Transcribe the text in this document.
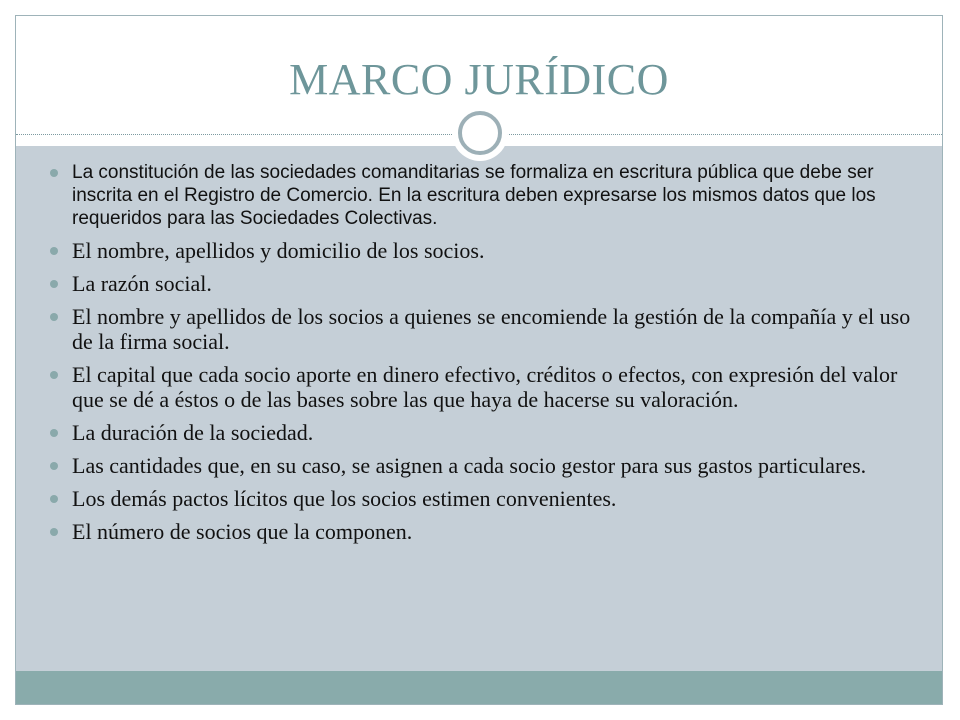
MARCO JURÍDICO
La constitución de las sociedades comanditarias se formaliza en escritura pública que debe ser inscrita en el Registro de Comercio. En la escritura deben expresarse los mismos datos que los requeridos para las Sociedades Colectivas.
El nombre, apellidos y domicilio de los socios.
La razón social.
El nombre y apellidos de los socios a quienes se encomiende la gestión de la compañía y el uso de la firma social.
El capital que cada socio aporte en dinero efectivo, créditos o efectos, con expresión del valor que se dé a éstos o de las bases sobre las que haya de hacerse su valoración.
La duración de la sociedad.
Las cantidades que, en su caso, se asignen a cada socio gestor para sus gastos particulares.
Los demás pactos lícitos que los socios estimen convenientes.
El número de socios que la componen.
